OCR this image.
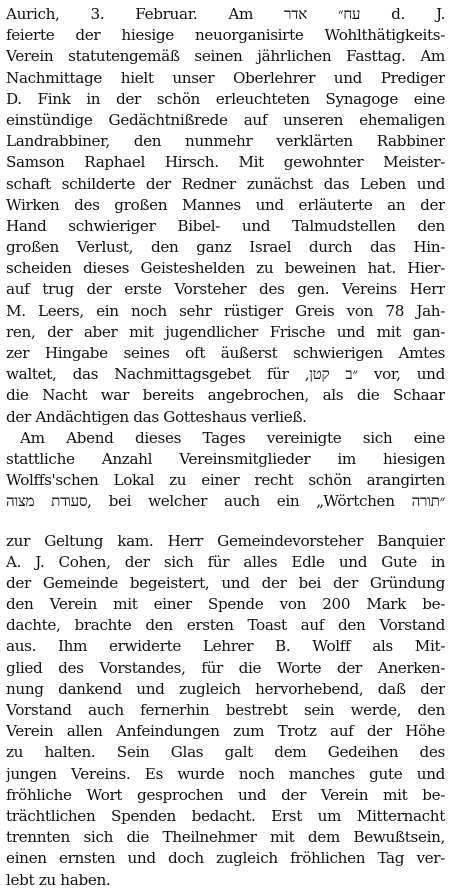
Aurich, 3. Februar. Am עח״ אדר d. J.
feierte der hiesige neuorganisirte Wohlthätigkeits-
Verein statutengemäß seinen jährlichen Fasttag. Am
Nachmittage hielt unser Oberlehrer und Prediger
D. Fink in der schön erleuchteten Synagoge eine
einstündige Gedächtnißrede auf unseren ehemaligen
Landrabbiner, den nunmehr verklärten Rabbiner
Samson Raphael Hirsch. Mit gewohnter Meister-
schaft schilderte der Redner zunächst das Leben und
Wirken des großen Mannes und erläuterte an der
Hand schwieriger Bibel- und Talmudstellen den
großen Verlust, den ganz Israel durch das Hin-
scheiden dieses Geisteshelden zu beweinen hat. Hier-
auf trug der erste Vorsteher des gen. Vereins Herr
M. Leers, ein noch sehr rüstiger Greis von 78 Jah-
ren, der aber mit jugendlicher Frische und mit gan-
zer Hingabe seines oft äußerst schwierigen Amtes
waltet, das Nachmittagsgebet für ‚״ב קטן vor, und
die Nacht war bereits angebrochen, als die Schaar
der Andächtigen das Gotteshaus verließ.
Am Abend dieses Tages vereinigte sich eine
stattliche Anzahl Vereinsmitglieder im hiesigen
Wolffs'schen Lokal zu einer recht schön arangirten
סעודת מצוה, bei welcher auch ein „Wörtchen ״תורה
zur Geltung kam. Herr Gemeindevorsteher Banquier
A. J. Cohen, der sich für alles Edle und Gute in
der Gemeinde begeistert, und der bei der Gründung
den Verein mit einer Spende von 200 Mark be-
dachte, brachte den ersten Toast auf den Vorstand
aus. Ihm erwiderte Lehrer B. Wolff als Mit-
glied des Vorstandes, für die Worte der Anerken-
nung dankend und zugleich hervorhebend, daß der
Vorstand auch fernerhin bestrebt sein werde, den
Verein allen Anfeindungen zum Trotz auf der Höhe
zu halten. Sein Glas galt dem Gedeihen des
jungen Vereins. Es wurde noch manches gute und
fröhliche Wort gesprochen und der Verein mit be-
trächtlichen Spenden bedacht. Erst um Mitternacht
trennten sich die Theilnehmer mit dem Bewußtsein,
einen ernsten und doch zugleich fröhlichen Tag ver-
lebt zu haben.
